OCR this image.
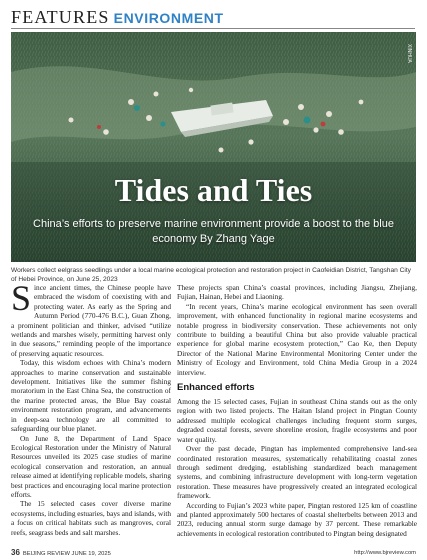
FEATURES ENVIRONMENT
XINHUA
Tides and Ties
China’s efforts to preserve marine environment provide a boost to the blue economy By Zhang Yage
Workers collect eelgrass seedlings under a local marine ecological protection and restoration project in Caofeidian District, Tangshan City of Hebei Province, on June 25, 2023

Since ancient times, the Chinese people have embraced the wisdom of coexisting with and protecting water. As early as the Spring and Autumn Period (770-476 B.C.), Guan Zhong, a prominent politician and thinker, advised “utilize wetlands and marshes wisely, permitting harvest only in due seasons,” reminding people of the importance of preserving aquatic resources.

Today, this wisdom echoes with China’s modern approaches to marine conservation and sustainable development. Initiatives like the summer fishing moratorium in the East China Sea, the construction of the marine protected areas, the Blue Bay coastal environment restoration program, and advancements in deep-sea technology are all committed to safeguarding our blue planet.

On June 8, the Department of Land Space Ecological Restoration under the Ministry of Natural Resources unveiled its 2025 case studies of marine ecological conservation and restoration, an annual release aimed at identifying replicable models, sharing best practices and encouraging local marine protection efforts.

The 15 selected cases cover diverse marine ecosystems, including estuaries, bays and islands, with a focus on critical habitats such as mangroves, coral reefs, seagrass beds and salt marshes.

These projects span China’s coastal provinces, including Jiangsu, Zhejiang, Fujian, Hainan, Hebei and Liaoning.

“In recent years, China’s marine ecological environment has seen overall improvement, with enhanced functionality in regional marine ecosystems and notable progress in biodiversity conservation. These achievements not only contribute to building a beautiful China but also provide valuable practical experience for global marine ecosystem protection,” Cao Ke, then Deputy Director of the National Marine Environmental Monitoring Center under the Ministry of Ecology and Environment, told China Media Group in a 2024 interview.

Enhanced efforts

Among the 15 selected cases, Fujian in southeast China stands out as the only region with two listed projects. The Haitan Island project in Pingtan County addressed multiple ecological challenges including frequent storm surges, degraded coastal forests, severe shoreline erosion, fragile ecosystems and poor water quality.

Over the past decade, Pingtan has implemented comprehensive land-sea coordinated restoration measures, systematically rehabilitating coastal zones through sediment dredging, establishing standardized beach management systems, and combining infrastructure development with long-term vegetation restoration. These measures have progressively created an integrated ecological framework.

According to Fujian’s 2023 white paper, Pingtan restored 125 km of coastline and planted approximately 500 hectares of coastal shelterbelts between 2013 and 2023, reducing annual storm surge damage by 37 percent. These remarkable achievements in ecological restoration contributed to Pingtan being designated

36 BEIJING REVIEW JUNE 19, 2025	http://www.bjreview.com
